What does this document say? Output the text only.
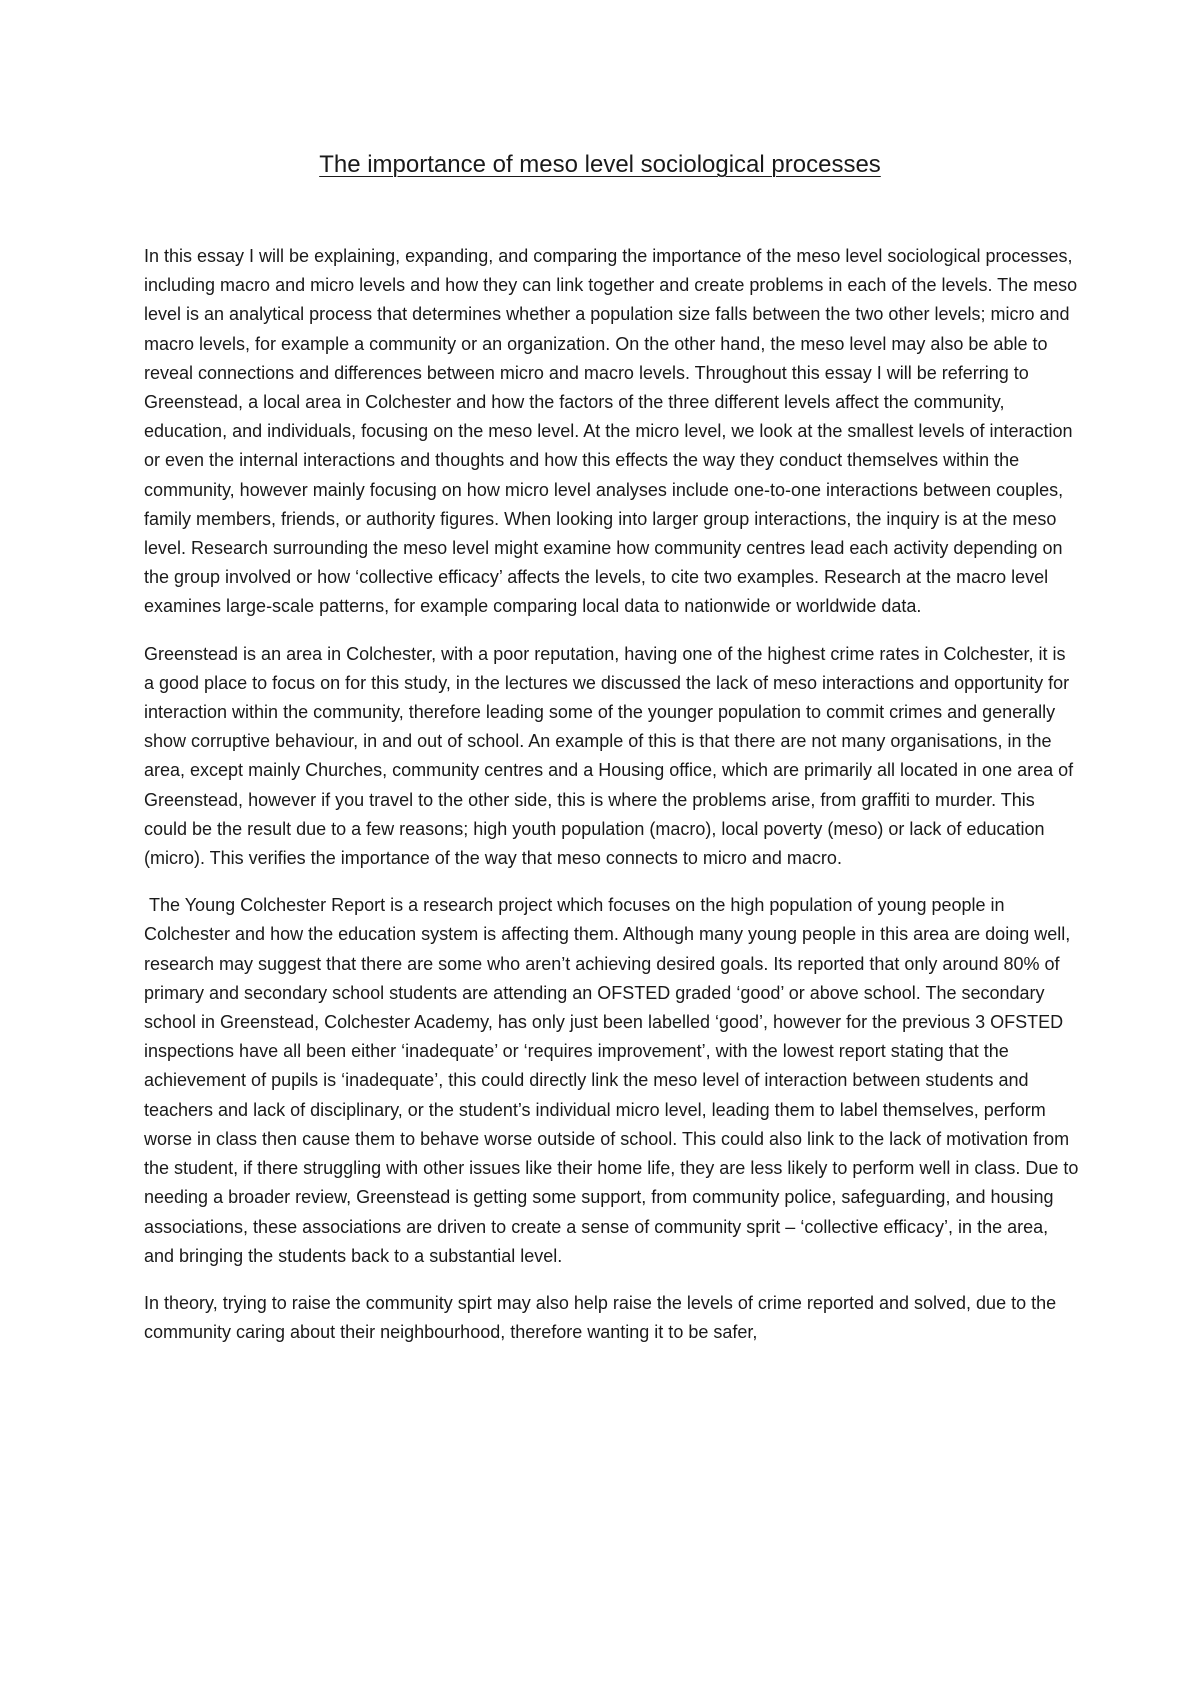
The importance of meso level sociological processes

In this essay I will be explaining, expanding, and comparing the importance of the meso level sociological processes, including macro and micro levels and how they can link together and create problems in each of the levels. The meso level is an analytical process that determines whether a population size falls between the two other levels; micro and macro levels, for example a community or an organization. On the other hand, the meso level may also be able to reveal connections and differences between micro and macro levels. Throughout this essay I will be referring to Greenstead, a local area in Colchester and how the factors of the three different levels affect the community, education, and individuals, focusing on the meso level. At the micro level, we look at the smallest levels of interaction or even the internal interactions and thoughts and how this effects the way they conduct themselves within the community, however mainly focusing on how micro level analyses include one-to-one interactions between couples, family members, friends, or authority figures. When looking into larger group interactions, the inquiry is at the meso level. Research surrounding the meso level might examine how community centres lead each activity depending on the group involved or how ‘collective efficacy’ affects the levels, to cite two examples. Research at the macro level examines large-scale patterns, for example comparing local data to nationwide or worldwide data.

Greenstead is an area in Colchester, with a poor reputation, having one of the highest crime rates in Colchester, it is a good place to focus on for this study, in the lectures we discussed the lack of meso interactions and opportunity for interaction within the community, therefore leading some of the younger population to commit crimes and generally show corruptive behaviour, in and out of school. An example of this is that there are not many organisations, in the area, except mainly Churches, community centres and a Housing office, which are primarily all located in one area of Greenstead, however if you travel to the other side, this is where the problems arise, from graffiti to murder. This could be the result due to a few reasons; high youth population (macro), local poverty (meso) or lack of education (micro). This verifies the importance of the way that meso connects to micro and macro.

The Young Colchester Report is a research project which focuses on the high population of young people in Colchester and how the education system is affecting them. Although many young people in this area are doing well, research may suggest that there are some who aren’t achieving desired goals. Its reported that only around 80% of primary and secondary school students are attending an OFSTED graded ‘good’ or above school. The secondary school in Greenstead, Colchester Academy, has only just been labelled ‘good’, however for the previous 3 OFSTED inspections have all been either ‘inadequate’ or ‘requires improvement’, with the lowest report stating that the achievement of pupils is ‘inadequate’, this could directly link the meso level of interaction between students and teachers and lack of disciplinary, or the student’s individual micro level, leading them to label themselves, perform worse in class then cause them to behave worse outside of school. This could also link to the lack of motivation from the student, if there struggling with other issues like their home life, they are less likely to perform well in class. Due to needing a broader review, Greenstead is getting some support, from community police, safeguarding, and housing associations, these associations are driven to create a sense of community sprit – ‘collective efficacy’, in the area, and bringing the students back to a substantial level.

In theory, trying to raise the community spirt may also help raise the levels of crime reported and solved, due to the community caring about their neighbourhood, therefore wanting it to be safer,
